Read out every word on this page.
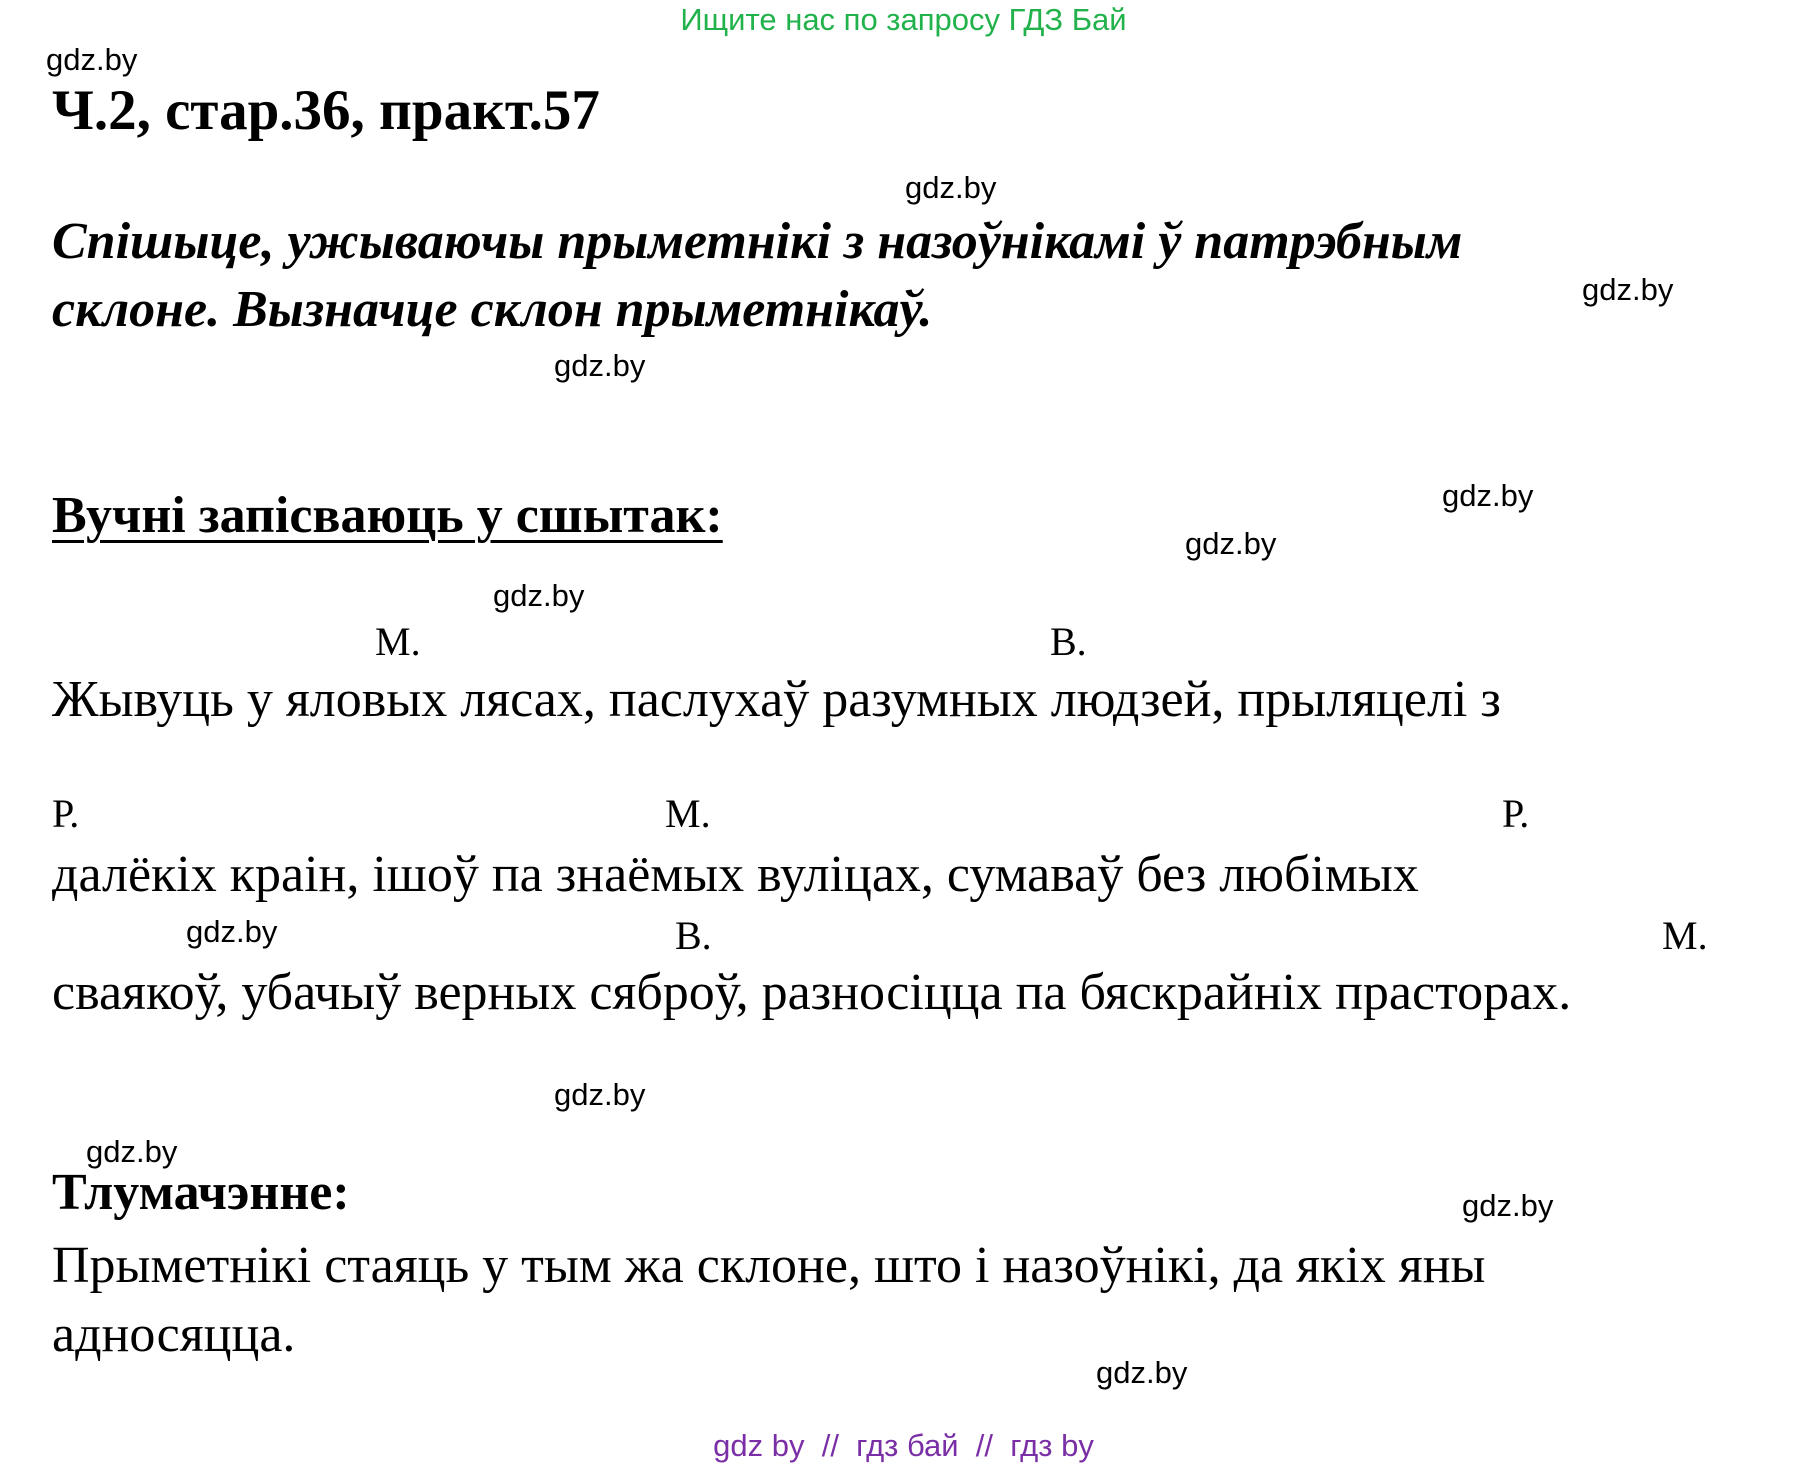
Ищите нас по запросу ГДЗ Бай
gdz.by
Ч.2, стар.36, практ.57
gdz.by
Спішыце, ужываючы прыметнікі з назоўнікамі ў патрэбным
gdz.by
склоне. Вызначце склон прыметнікаў.
gdz.by
gdz.by
Вучні запісваюць у сшытак:	gdz.by
gdz.by
М.	В.
Жывуць у яловых лясах, паслухаў разумных людзей, прыляцелі з
Р.	М.	Р.
далёкіх краін, ішоў па знаёмых вуліцах, сумаваў без любімых
gdz.by	В.	М.
сваякоў, убачыў верных сяброў, разносіцца па бяскрайніх прасторах.
gdz.by
gdz.by
Тлумачэнне:	gdz.by
Прыметнікі стаяць у тым жа склоне, што і назоўнікі, да якіх яны
адносяцца.
gdz.by
gdz by  //  гдз бай  //  гдз by
